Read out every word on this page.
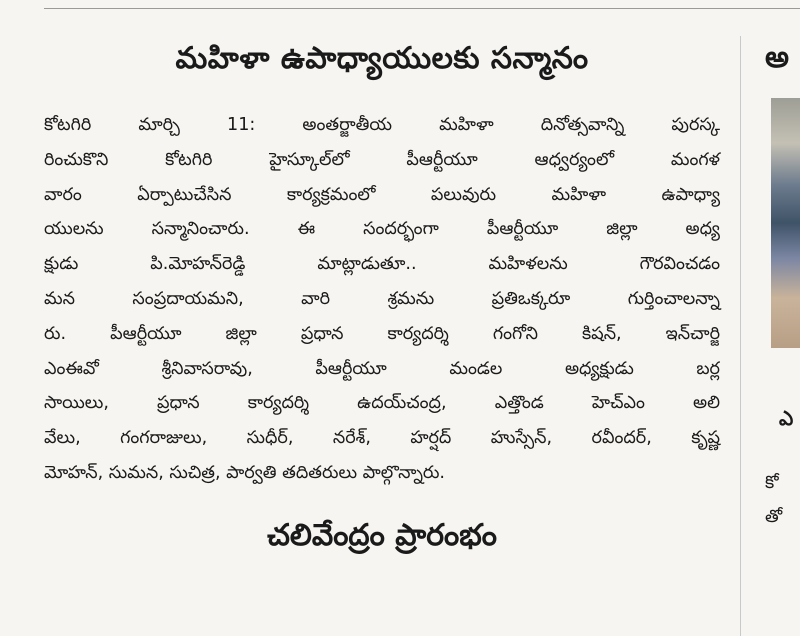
మహిళా ఉపాధ్యాయులకు సన్మానం
కోటగిరి మార్చి 11: అంతర్జాతీయ మహిళా దినోత్సవాన్ని పురస్క
రించుకొని కోటగిరి హైస్కూల్‌లో పీఆర్టీయూ ఆధ్వర్యంలో మంగళ
వారం ఏర్పాటుచేసిన కార్యక్రమంలో పలువురు మహిళా ఉపాధ్యా
యులను సన్మానించారు. ఈ సందర్భంగా పీఆర్టీయూ జిల్లా అధ్య
క్షుడు పి.మోహన్‌రెడ్డి మాట్లాడుతూ.. మహిళలను గౌరవించడం
మన సంప్రదాయమని, వారి శ్రమను ప్రతిఒక్కరూ గుర్తించాలన్నా
రు. పీఆర్టీయూ జిల్లా ప్రధాన కార్యదర్శి గంగోని కిషన్‌, ఇన్‌చార్జి
ఎంఈవో శ్రీనివాసరావు, పీఆర్టీయూ మండల అధ్యక్షుడు బర్ల
సాయిలు, ప్రధాన కార్యదర్శి ఉదయ్‌చంద్ర, ఎత్తొండ హెచ్‌ఎం అలి
వేలు, గంగరాజులు, సుధీర్‌, నరేశ్‌, హర్షద్‌ హుస్సేన్‌, రవీందర్‌, కృష్ణ
మోహన్‌, సుమన, సుచిత్ర, పార్వతి తదితరులు పాల్గొన్నారు.
చలివేంద్రం ప్రారంభం
అ
ఎ
కో
తో
